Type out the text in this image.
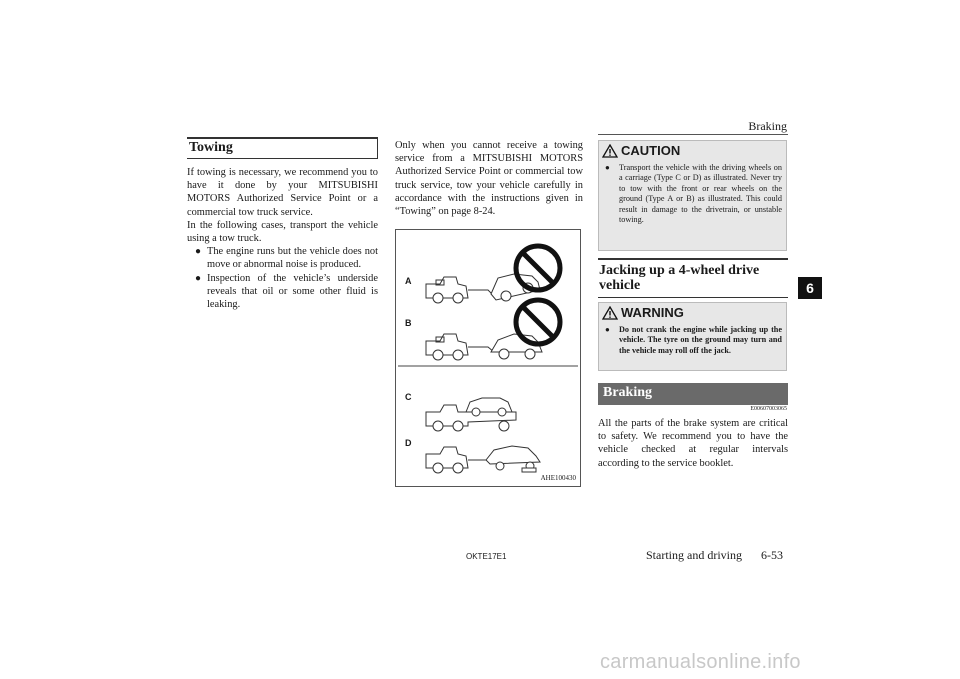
Braking
6
Towing
If towing is necessary, we recommend you to have it done by your MITSUBISHI MOTORS Authorized Service Point or a commercial tow truck service.
In the following cases, transport the vehicle using a tow truck.
● The engine runs but the vehicle does not move or abnormal noise is produced.
● Inspection of the vehicle’s underside reveals that oil or some other fluid is leaking.
Only when you cannot receive a towing service from a MITSUBISHI MOTORS Authorized Service Point or commercial tow truck service, tow your vehicle carefully in accordance with the instructions given in “Towing” on page 8-24.
A
B
C
D
AHE100430
CAUTION
●	Transport the vehicle with the driving wheels on a carriage (Type C or D) as illustrated. Never try to tow with the front or rear wheels on the ground (Type A or B) as illustrated. This could result in damage to the drivetrain, or unstable towing.
Jacking up a 4-wheel drive vehicle
WARNING
●	Do not crank the engine while jacking up the vehicle. The tyre on the ground may turn and the vehicle may roll off the jack.
Braking
E00607003065
All the parts of the brake system are critical to safety. We recommend you to have the vehicle checked at regular intervals according to the service booklet.
OKTE17E1	Starting and driving 6-53
carmanualsonline.info
